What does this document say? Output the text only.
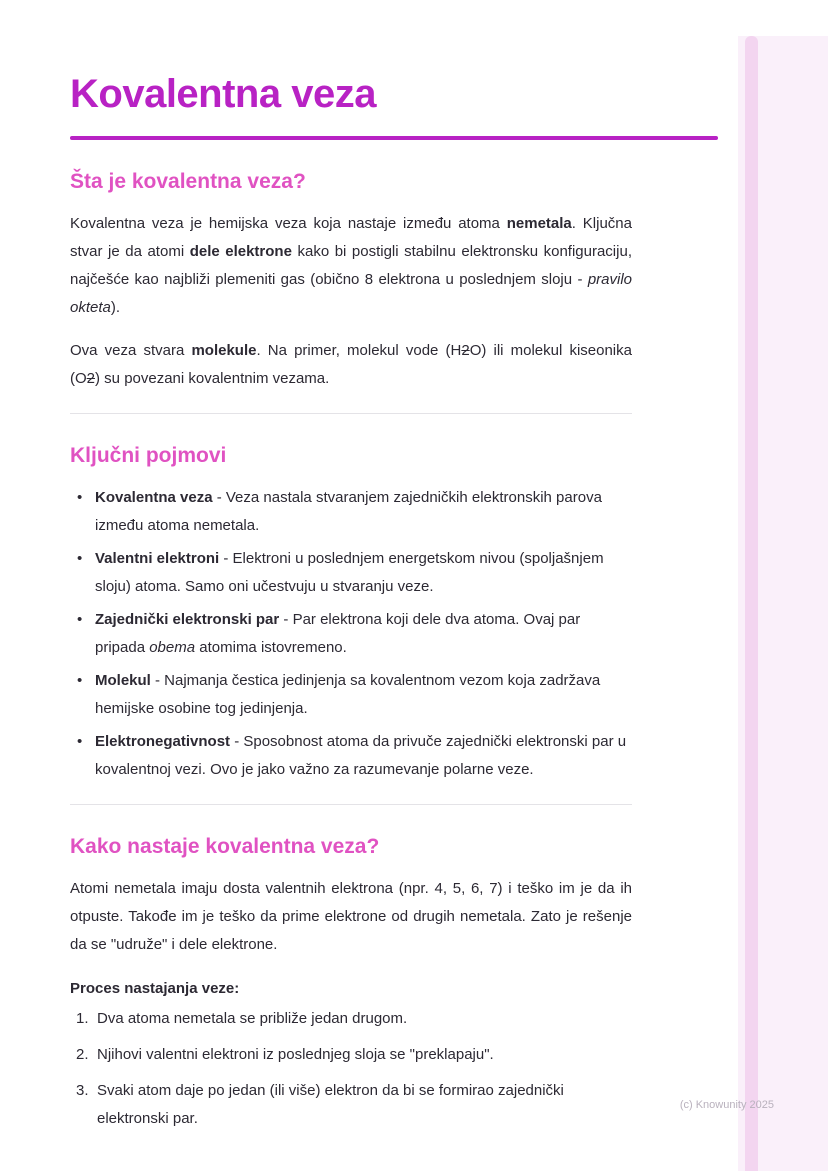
Kovalentna veza
Šta je kovalentna veza?

Kovalentna veza je hemijska veza koja nastaje između atoma nemetala. Ključna stvar je da atomi dele elektrone kako bi postigli stabilnu elektronsku konfiguraciju, najčešće kao najbliži plemeniti gas (obično 8 elektrona u poslednjem sloju - pravilo okteta).

Ova veza stvara molekule. Na primer, molekul vode (H2O) ili molekul kiseonika (O2) su povezani kovalentnim vezama.

Ključni pojmovi
• Kovalentna veza - Veza nastala stvaranjem zajedničkih elektronskih parova između atoma nemetala.
• Valentni elektroni - Elektroni u poslednjem energetskom nivou (spoljašnjem sloju) atoma. Samo oni učestvuju u stvaranju veze.
• Zajednički elektronski par - Par elektrona koji dele dva atoma. Ovaj par pripada obema atomima istovremeno.
• Molekul - Najmanja čestica jedinjenja sa kovalentnom vezom koja zadržava hemijske osobine tog jedinjenja.
• Elektronegativnost - Sposobnost atoma da privuče zajednički elektronski par u kovalentnoj vezi. Ovo je jako važno za razumevanje polarne veze.
Kako nastaje kovalentna veza?

Atomi nemetala imaju dosta valentnih elektrona (npr. 4, 5, 6, 7) i teško im je da ih otpuste. Takođe im je teško da prime elektrone od drugih nemetala. Zato je rešenje da se "udruže" i dele elektrone.

Proces nastajanja veze:

Dva atoma nemetala se približe jedan drugom.
Njihovi valentni elektroni iz poslednjeg sloja se "preklapaju".
Svaki atom daje po jedan (ili više) elektron da bi se formirao zajednički elektronski par.
(c) Knowunity 2025
